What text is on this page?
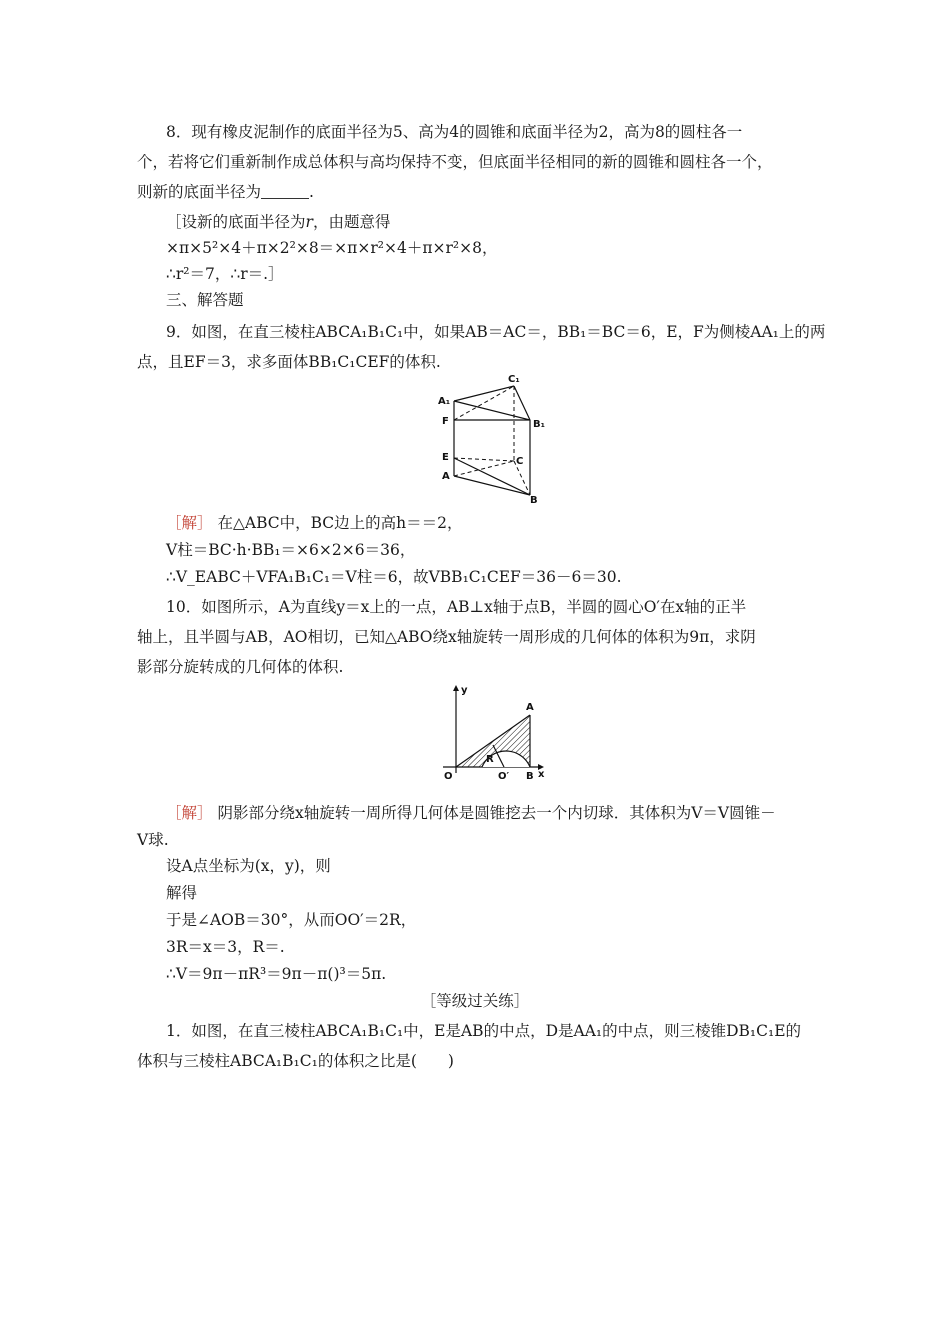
8．现有橡皮泥制作的底面半径为5、高为4的圆锥和底面半径为2，高为8的圆柱各一
个，若将它们重新制作成总体积与高均保持不变，但底面半径相同的新的圆锥和圆柱各一个，
则新的底面半径为	.
［设新的底面半径为r，由题意得
×π×5²×4＋π×2²×8＝×π×r²×4＋π×r²×8，
∴r²＝7，∴r＝.］
三、解答题
9．如图，在直三棱柱ABCA₁B₁C₁中，如果AB＝AC＝，BB₁＝BC＝6，E，F为侧棱AA₁上的两
点，且EF＝3，求多面体BB₁C₁CEF的体积.
A₁
C₁
F	B₁
E	C
A
B
［解］ 在△ABC中，BC边上的高h＝＝2，
V柱＝BC·h·BB₁＝×6×2×6＝36，
∴V_EABC＋VFA₁B₁C₁＝V柱＝6，故VBB₁C₁CEF＝36－6＝30.
10．如图所示，A为直线y＝x上的一点，AB⊥x轴于点B，半圆的圆心O′在x轴的正半
轴上，且半圆与AB，AO相切，已知△ABO绕x轴旋转一周形成的几何体的体积为9π，求阴
影部分旋转成的几何体的体积.
y
A
R
O	O′ B x
［解］ 阴影部分绕x轴旋转一周所得几何体是圆锥挖去一个内切球．其体积为V＝V圆锥－
V球.
设A点坐标为(x，y)，则
解得
于是∠AOB＝30°，从而OO′＝2R，
3R＝x＝3，R＝.
∴V＝9π－πR³＝9π－π()³＝5π.
［等级过关练］
1．如图，在直三棱柱ABCA₁B₁C₁中，E是AB的中点，D是AA₁的中点，则三棱锥DB₁C₁E的
体积与三棱柱ABCA₁B₁C₁的体积之比是(　　)
